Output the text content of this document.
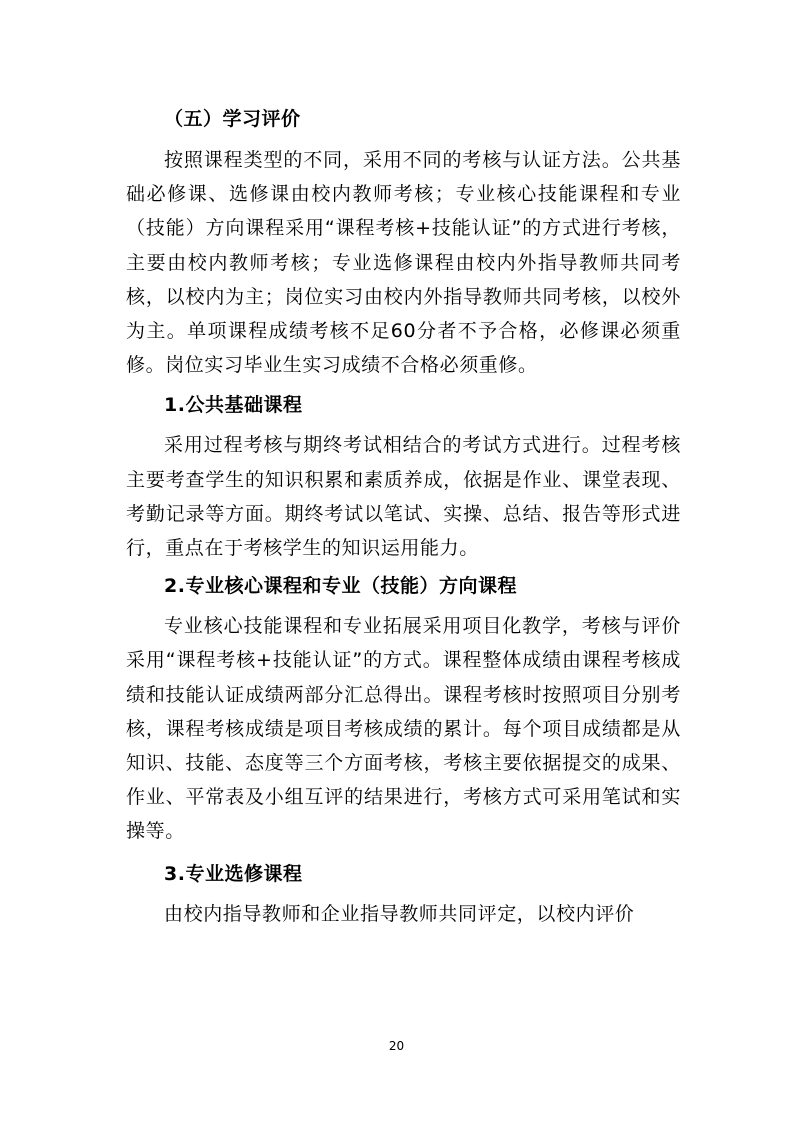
（五）学习评价

按照课程类型的不同，采用不同的考核与认证方法。公共基础必修课、选修课由校内教师考核；专业核心技能课程和专业（技能）方向课程采用“课程考核+技能认证”的方式进行考核，主要由校内教师考核；专业选修课程由校内外指导教师共同考核，以校内为主；岗位实习由校内外指导教师共同考核，以校外为主。单项课程成绩考核不足60分者不予合格，必修课必须重修。岗位实习毕业生实习成绩不合格必须重修。

1.公共基础课程

采用过程考核与期终考试相结合的考试方式进行。过程考核主要考查学生的知识积累和素质养成，依据是作业、课堂表现、考勤记录等方面。期终考试以笔试、实操、总结、报告等形式进行，重点在于考核学生的知识运用能力。

2.专业核心课程和专业（技能）方向课程

专业核心技能课程和专业拓展采用项目化教学，考核与评价采用“课程考核+技能认证”的方式。课程整体成绩由课程考核成绩和技能认证成绩两部分汇总得出。课程考核时按照项目分别考核，课程考核成绩是项目考核成绩的累计。每个项目成绩都是从知识、技能、态度等三个方面考核，考核主要依据提交的成果、作业、平常表及小组互评的结果进行，考核方式可采用笔试和实操等。

3.专业选修课程

由校内指导教师和企业指导教师共同评定，以校内评价

20
